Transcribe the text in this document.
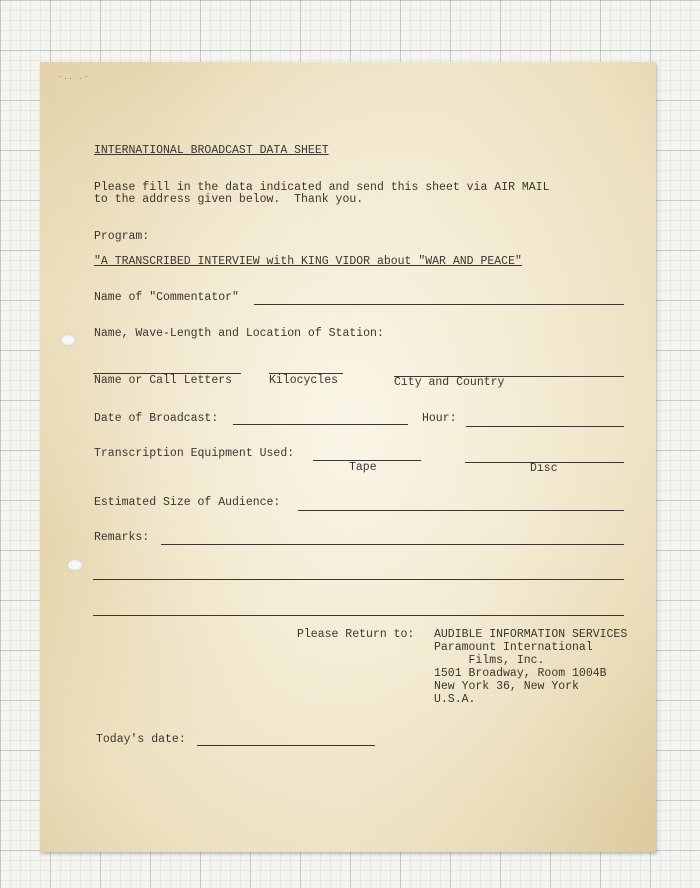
-.. .-

INTERNATIONAL BROADCAST DATA SHEET

Please fill in the data indicated and send this sheet via AIR MAIL

to the address given below.  Thank you.

Program:

"A TRANSCRIBED INTERVIEW with KING VIDOR about "WAR AND PEACE"

Name of "Commentator"

Name, Wave-Length and Location of Station:

Name or Call Letters	Kilocycles	City and Country

Date of Broadcast:	Hour:

Transcription Equipment Used:

Tape	Disc

Estimated Size of Audience:

Remarks:

Please Return to: AUDIBLE INFORMATION SERVICES

Paramount International

Films, Inc.

1501 Broadway, Room 1004B

New York 36, New York

U.S.A.

Today's date:
